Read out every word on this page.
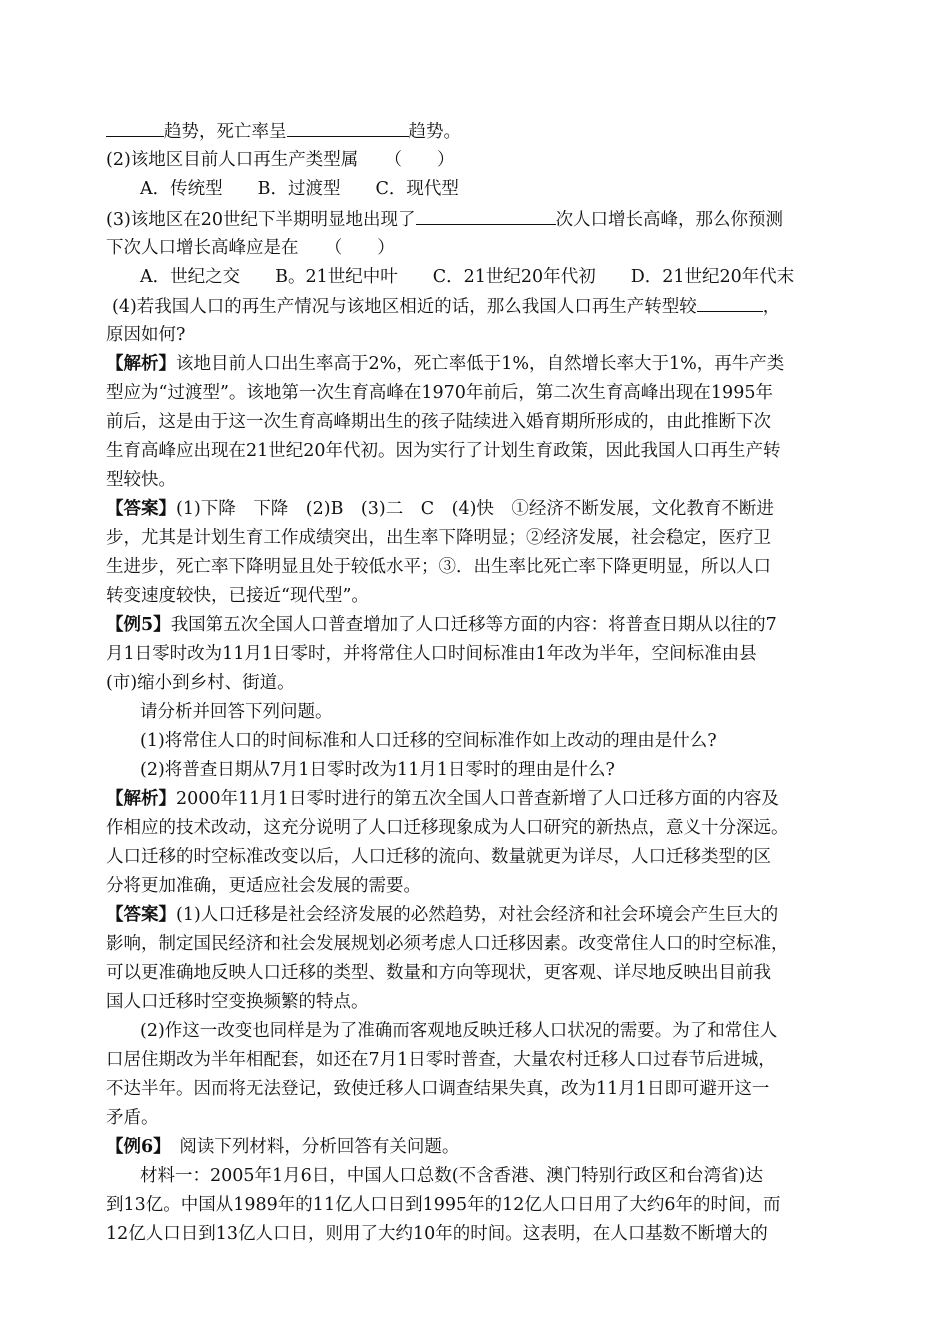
趋势，死亡率呈	趋势。
(2)该地区目前人口再生产类型属　　（　　）
A．传统型　　B．过渡型　　C．现代型
(3)该地区在20世纪下半期明显地出现了	次人口增长高峰，那么你预测
下次人口增长高峰应是在　　（　　）
A．世纪之交　　B。21世纪中叶　　C．21世纪20年代初　　D．21世纪20年代末
(4)若我国人口的再生产情况与该地区相近的话，那么我国人口再生产转型较	，
原因如何?
【解析】该地目前人口出生率高于2%，死亡率低于1%，自然增长率大于1%，再牛产类
型应为“过渡型”。该地第一次生育高峰在1970年前后，第二次生育高峰出现在1995年
前后，这是由于这一次生育高峰期出生的孩子陆续进入婚育期所形成的，由此推断下次
生育高峰应出现在21世纪20年代初。因为实行了计划生育政策，因此我国人口再生产转
型较快。
【答案】(1)下降　下降　(2)B　(3)二　C　(4)快　①经济不断发展，文化教育不断进
步，尤其是计划生育工作成绩突出，出生率下降明显；②经济发展，社会稳定，医疗卫
生进步，死亡率下降明显且处于较低水平；③．出生率比死亡率下降更明显，所以人口
转变速度较快，已接近“现代型”。
【例5】我国第五次全国人口普查增加了人口迁移等方面的内容：将普查日期从以往的7
月1日零时改为11月1日零时，并将常住人口时间标准由1年改为半年，空间标准由县
(市)缩小到乡村、街道。
请分析并回答下列问题。
(1)将常住人口的时间标准和人口迁移的空间标准作如上改动的理由是什么?
(2)将普查日期从7月1日零时改为11月1日零时的理由是什么?
【解析】2000年11月1日零时进行的第五次全国人口普查新增了人口迁移方面的内容及
作相应的技术改动，这充分说明了人口迁移现象成为人口研究的新热点，意义十分深远。
人口迁移的时空标准改变以后，人口迁移的流向、数量就更为详尽，人口迁移类型的区
分将更加准确，更适应社会发展的需要。
【答案】(1)人口迁移是社会经济发展的必然趋势，对社会经济和社会环境会产生巨大的
影响，制定国民经济和社会发展规划必须考虑人口迁移因素。改变常住人口的时空标准，
可以更准确地反映人口迁移的类型、数量和方向等现状，更客观、详尽地反映出目前我
国人口迁移时空变换频繁的特点。
(2)作这一改变也同样是为了准确而客观地反映迁移人口状况的需要。为了和常住人
口居住期改为半年相配套，如还在7月1日零时普查，大量农村迁移人口过春节后进城，
不达半年。因而将无法登记，致使迁移人口调查结果失真，改为11月1日即可避开这一
矛盾。
【例6】　阅读下列材料，分析回答有关问题。
材料一：2005年1月6日，中国人口总数(不含香港、澳门特别行政区和台湾省)达
到13亿。中国从1989年的11亿人口日到1995年的12亿人口日用了大约6年的时间，而
12亿人口日到13亿人口日，则用了大约10年的时间。这表明，在人口基数不断增大的
